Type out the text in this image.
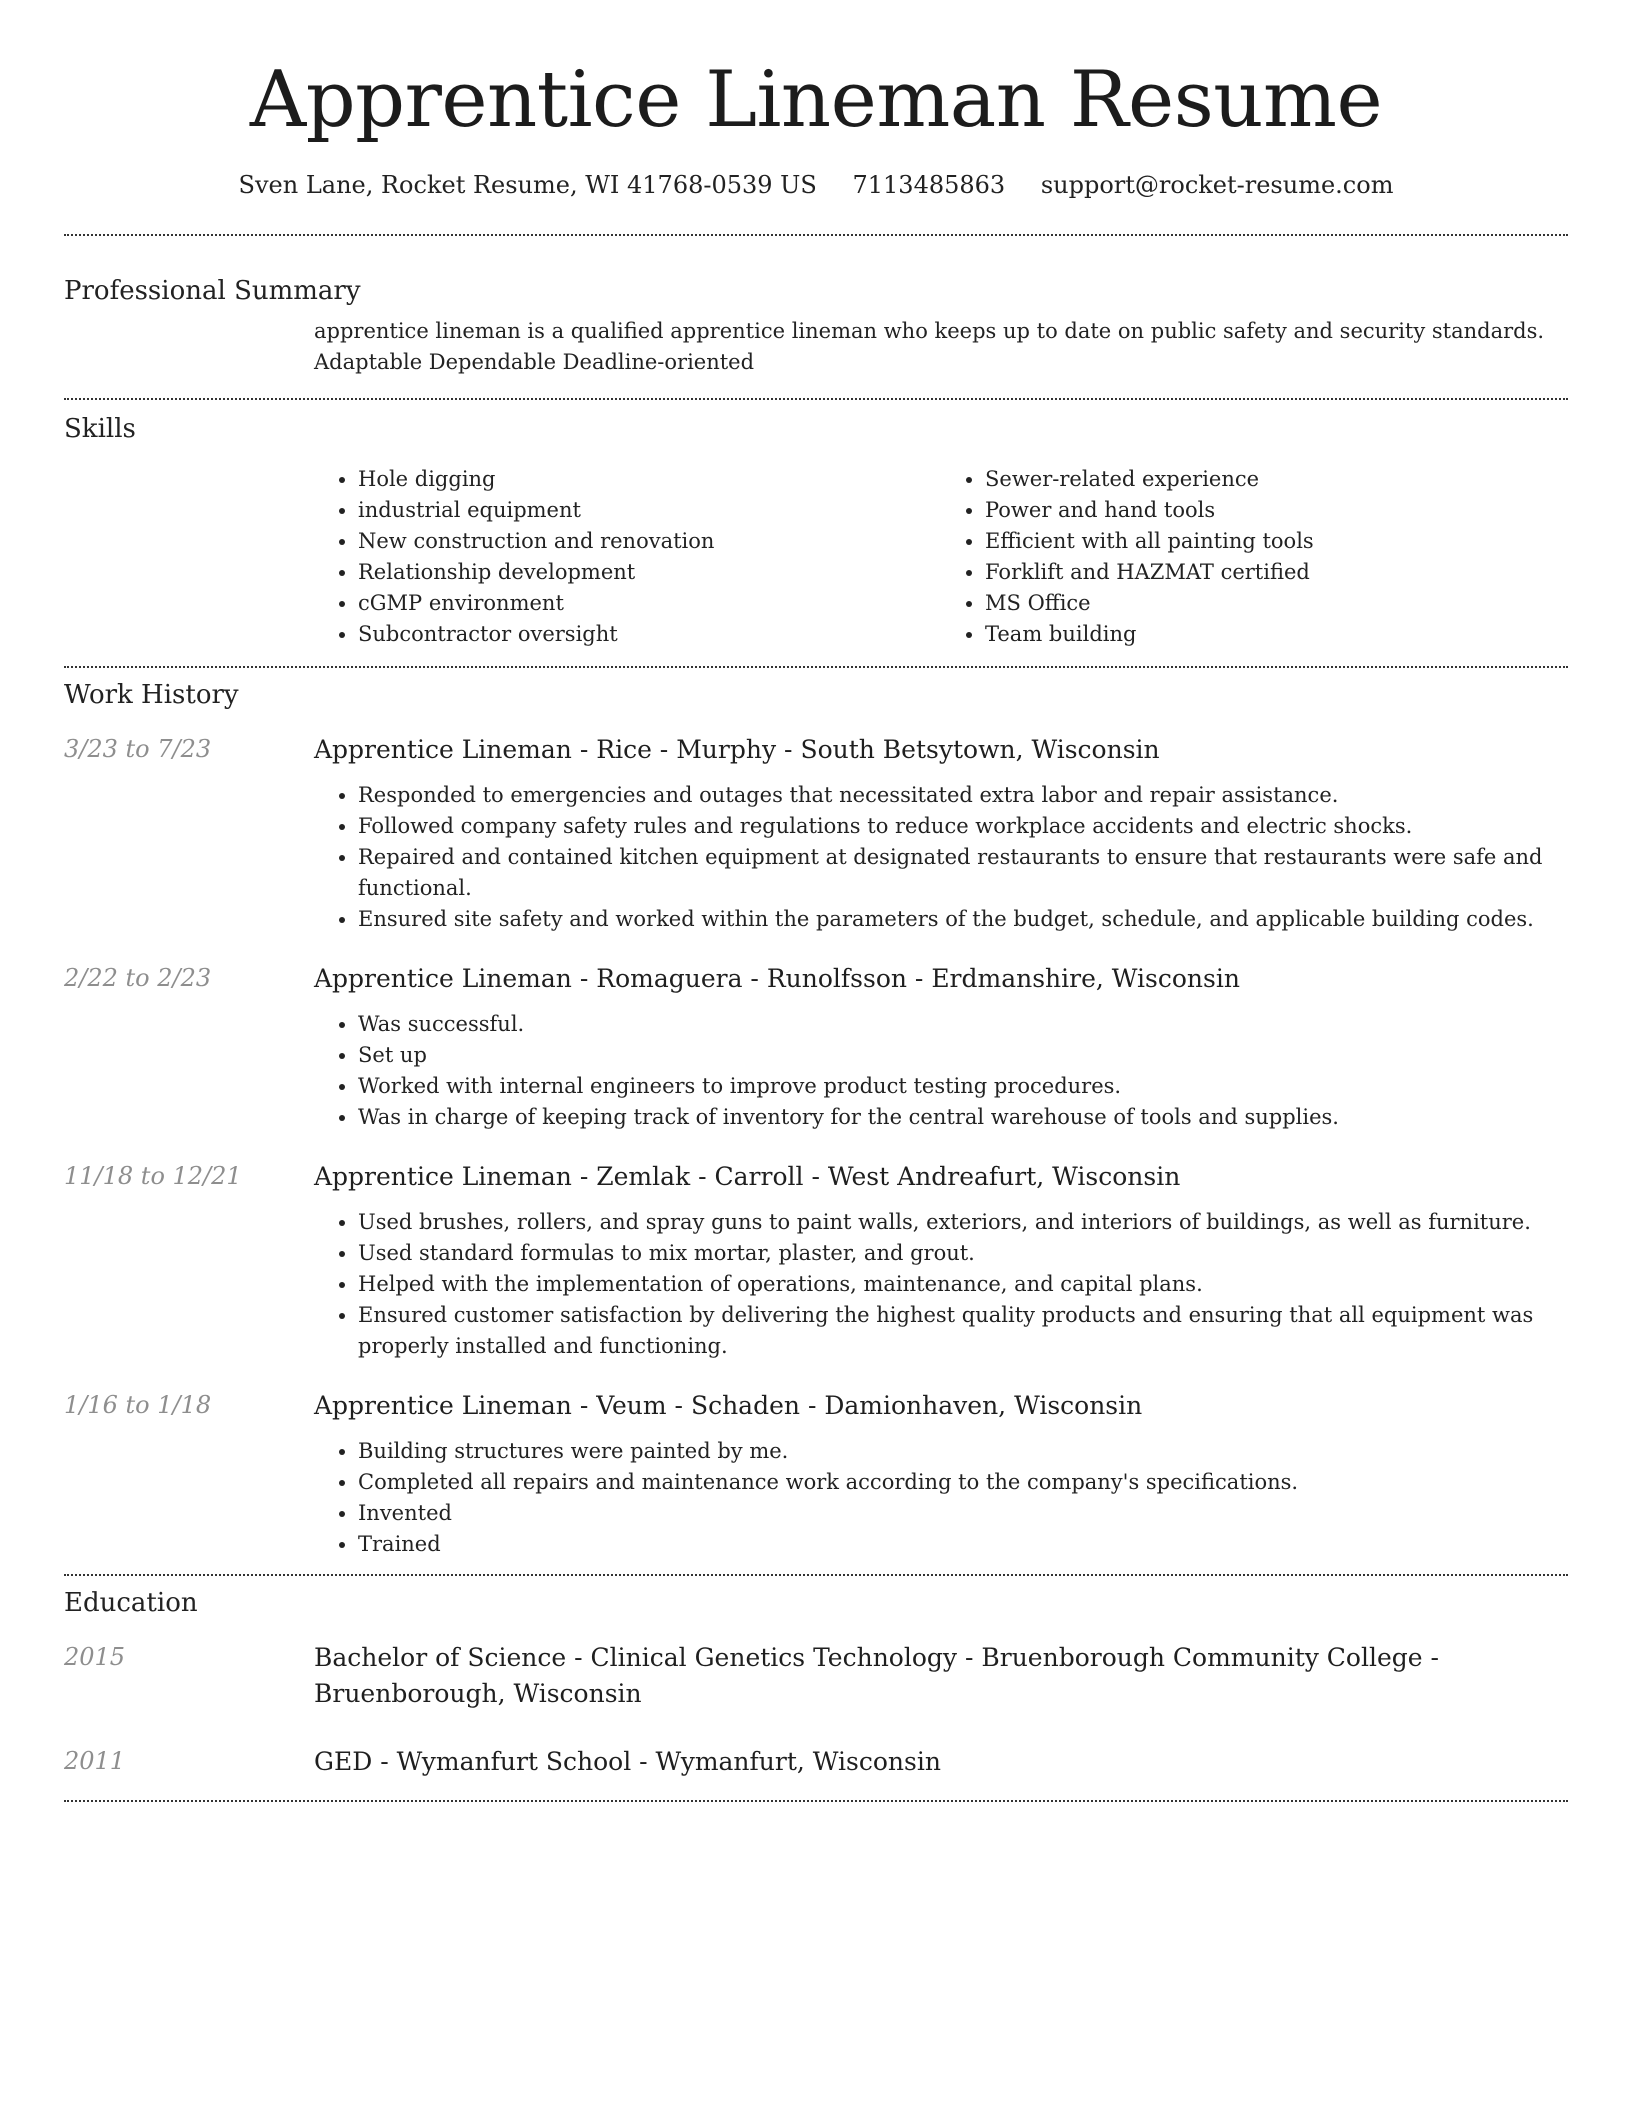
Apprentice Lineman Resume
Sven Lane, Rocket Resume, WI 41768-0539 US 7113485863 support@rocket-resume.com
Professional Summary
apprentice lineman is a qualified apprentice lineman who keeps up to date on public safety and security standards.
Adaptable Dependable Deadline-oriented
Skills
• Hole digging
• industrial equipment
• New construction and renovation
• Relationship development
• cGMP environment
• Subcontractor oversight
• Sewer-related experience
• Power and hand tools
• Efficient with all painting tools
• Forklift and HAZMAT certified
• MS Office
• Team building
Work History
3/23 to 7/23	Apprentice Lineman - Rice - Murphy - South Betsytown, Wisconsin
• Responded to emergencies and outages that necessitated extra labor and repair assistance.
• Followed company safety rules and regulations to reduce workplace accidents and electric shocks.
• Repaired and contained kitchen equipment at designated restaurants to ensure that restaurants were safe and functional.
• Ensured site safety and worked within the parameters of the budget, schedule, and applicable building codes.
2/22 to 2/23	Apprentice Lineman - Romaguera - Runolfsson - Erdmanshire, Wisconsin
• Was successful.
• Set up
• Worked with internal engineers to improve product testing procedures.
• Was in charge of keeping track of inventory for the central warehouse of tools and supplies.
11/18 to 12/21	Apprentice Lineman - Zemlak - Carroll - West Andreafurt, Wisconsin
• Used brushes, rollers, and spray guns to paint walls, exteriors, and interiors of buildings, as well as furniture.
• Used standard formulas to mix mortar, plaster, and grout.
• Helped with the implementation of operations, maintenance, and capital plans.
• Ensured customer satisfaction by delivering the highest quality products and ensuring that all equipment was properly installed and functioning.
1/16 to 1/18	Apprentice Lineman - Veum - Schaden - Damionhaven, Wisconsin
• Building structures were painted by me.
• Completed all repairs and maintenance work according to the company's specifications.
• Invented
• Trained
Education
2015	Bachelor of Science - Clinical Genetics Technology - Bruenborough Community College - Bruenborough, Wisconsin
2011	GED - Wymanfurt School - Wymanfurt, Wisconsin
